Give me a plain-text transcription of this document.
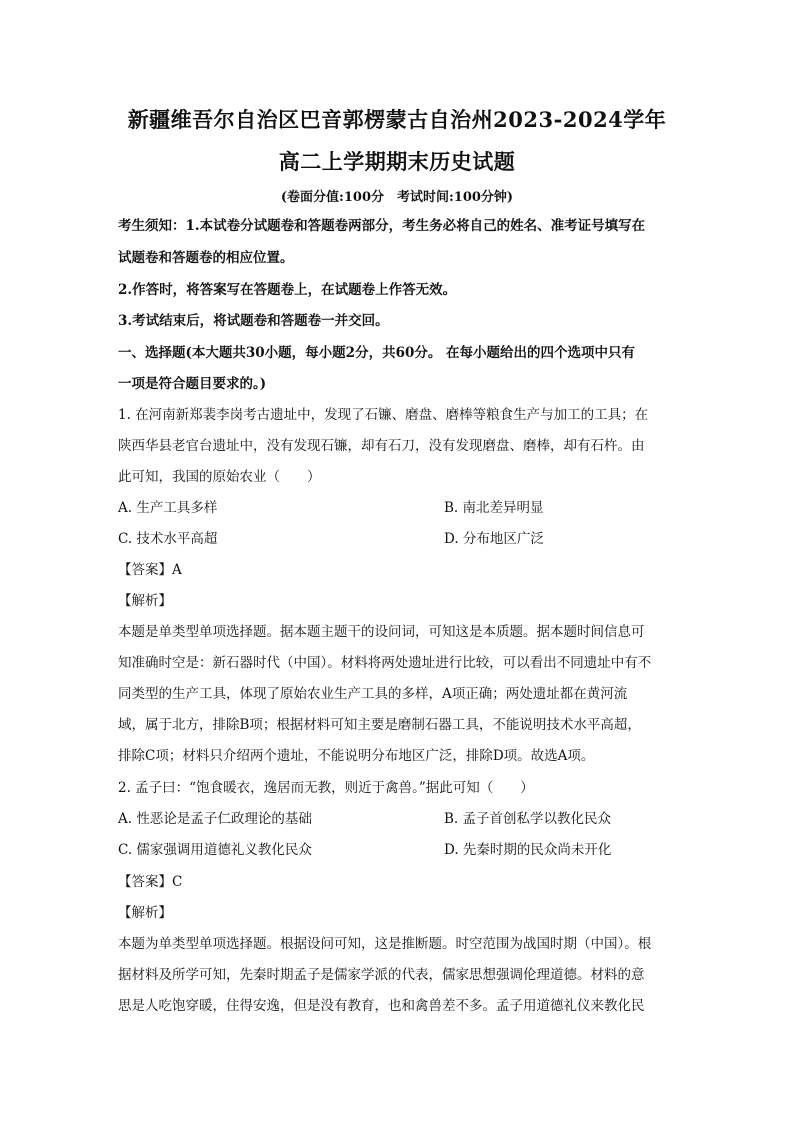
新疆维吾尔自治区巴音郭楞蒙古自治州2023-2024学年
高二上学期期末历史试题
(卷面分值:100分　考试时间:100分钟)
考生须知：1.本试卷分试题卷和答题卷两部分，考生务必将自己的姓名、准考证号填写在
试题卷和答题卷的相应位置。
2.作答时，将答案写在答题卷上，在试题卷上作答无效。
3.考试结束后，将试题卷和答题卷一并交回。
一、选择题(本大题共30小题，每小题2分，共60分。 在每小题给出的四个选项中只有
一项是符合题目要求的。)
1. 在河南新郑裴李岗考古遗址中，发现了石镰、磨盘、磨棒等粮食生产与加工的工具；在
陕西华县老官台遗址中，没有发现石镰，却有石刀，没有发现磨盘、磨棒，却有石杵。由
此可知，我国的原始农业（　　）
A. 生产工具多样	B. 南北差异明显
C. 技术水平高超	D. 分布地区广泛
【答案】A
【解析】
本题是单类型单项选择题。据本题主题干的设问词，可知这是本质题。据本题时间信息可
知准确时空是：新石器时代（中国）。材料将两处遗址进行比较，可以看出不同遗址中有不
同类型的生产工具，体现了原始农业生产工具的多样，A项正确；两处遗址都在黄河流
域，属于北方，排除B项；根据材料可知主要是磨制石器工具，不能说明技术水平高超，
排除C项；材料只介绍两个遗址，不能说明分布地区广泛，排除D项。故选A项。
2. 孟子曰：“饱食暖衣，逸居而无教，则近于禽兽。”据此可知（　　）
A. 性恶论是孟子仁政理论的基础	B. 孟子首创私学以教化民众
C. 儒家强调用道德礼义教化民众	D. 先秦时期的民众尚未开化
【答案】C
【解析】
本题为单类型单项选择题。根据设问可知，这是推断题。时空范围为战国时期（中国）。根
据材料及所学可知，先秦时期孟子是儒家学派的代表，儒家思想强调伦理道德。材料的意
思是人吃饱穿暖，住得安逸，但是没有教育，也和禽兽差不多。孟子用道德礼仪来教化民
